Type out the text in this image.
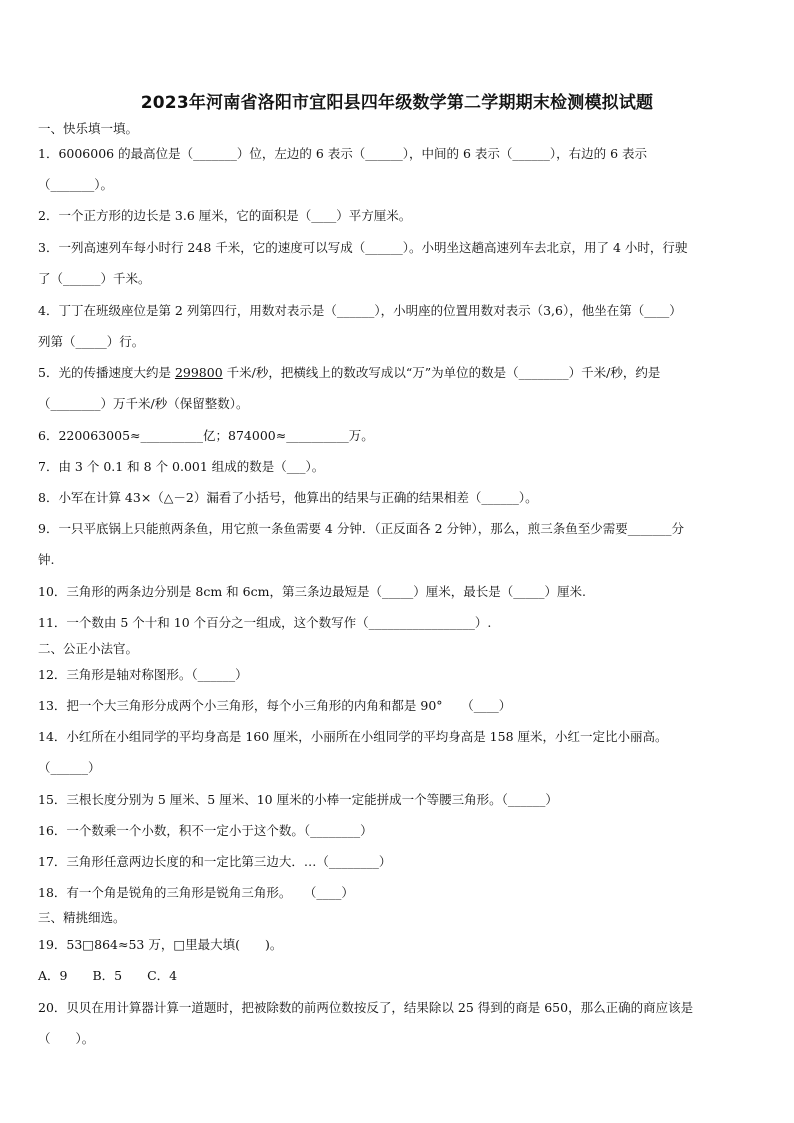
2023年河南省洛阳市宜阳县四年级数学第二学期期末检测模拟试题
一、快乐填一填。
1．6006006 的最高位是（_______）位，左边的 6 表示（______），中间的 6 表示（______），右边的 6 表示
（_______）。
2．一个正方形的边长是 3.6 厘米，它的面积是（____）平方厘米。
3．一列高速列车每小时行 248 千米，它的速度可以写成（______）。小明坐这趟高速列车去北京，用了 4 小时，行驶
了（______）千米。
4．丁丁在班级座位是第 2 列第四行，用数对表示是（______），小明座的位置用数对表示（3,6），他坐在第（____）
列第（_____）行。
5．光的传播速度大约是 299800 千米/秒，把横线上的数改写成以“万”为单位的数是（________）千米/秒，约是
（________）万千米/秒（保留整数）。
6．220063005≈__________亿；874000≈__________万。
7．由 3 个 0.1 和 8 个 0.001 组成的数是（___）。
8．小军在计算 43×（△－2）漏看了小括号，他算出的结果与正确的结果相差（______）。
9．一只平底锅上只能煎两条鱼，用它煎一条鱼需要 4 分钟．（正反面各 2 分钟），那么，煎三条鱼至少需要_______分
钟.
10．三角形的两条边分别是 8cm 和 6cm，第三条边最短是（_____）厘米，最长是（_____）厘米.
11．一个数由 5 个十和 10 个百分之一组成，这个数写作（_________________）.
二、公正小法官。
12．三角形是轴对称图形。（______）
13．把一个大三角形分成两个小三角形，每个小三角形的内角和都是 90°　　（____）
14．小红所在小组同学的平均身高是 160 厘米，小丽所在小组同学的平均身高是 158 厘米，小红一定比小丽高。
（______）
15．三根长度分别为 5 厘米、5 厘米、10 厘米的小棒一定能拼成一个等腰三角形。（______）
16．一个数乘一个小数，积不一定小于这个数。（________）
17．三角形任意两边长度的和一定比第三边大．…（________）
18．有一个角是锐角的三角形是锐角三角形。　　（____）
三、精挑细选。
19．53□864≈53 万，□里最大填(　　)。
A．9　　B．5　　C．4
20．贝贝在用计算器计算一道题时，把被除数的前两位数按反了，结果除以 25 得到的商是 650，那么正确的商应该是
（　　）。
